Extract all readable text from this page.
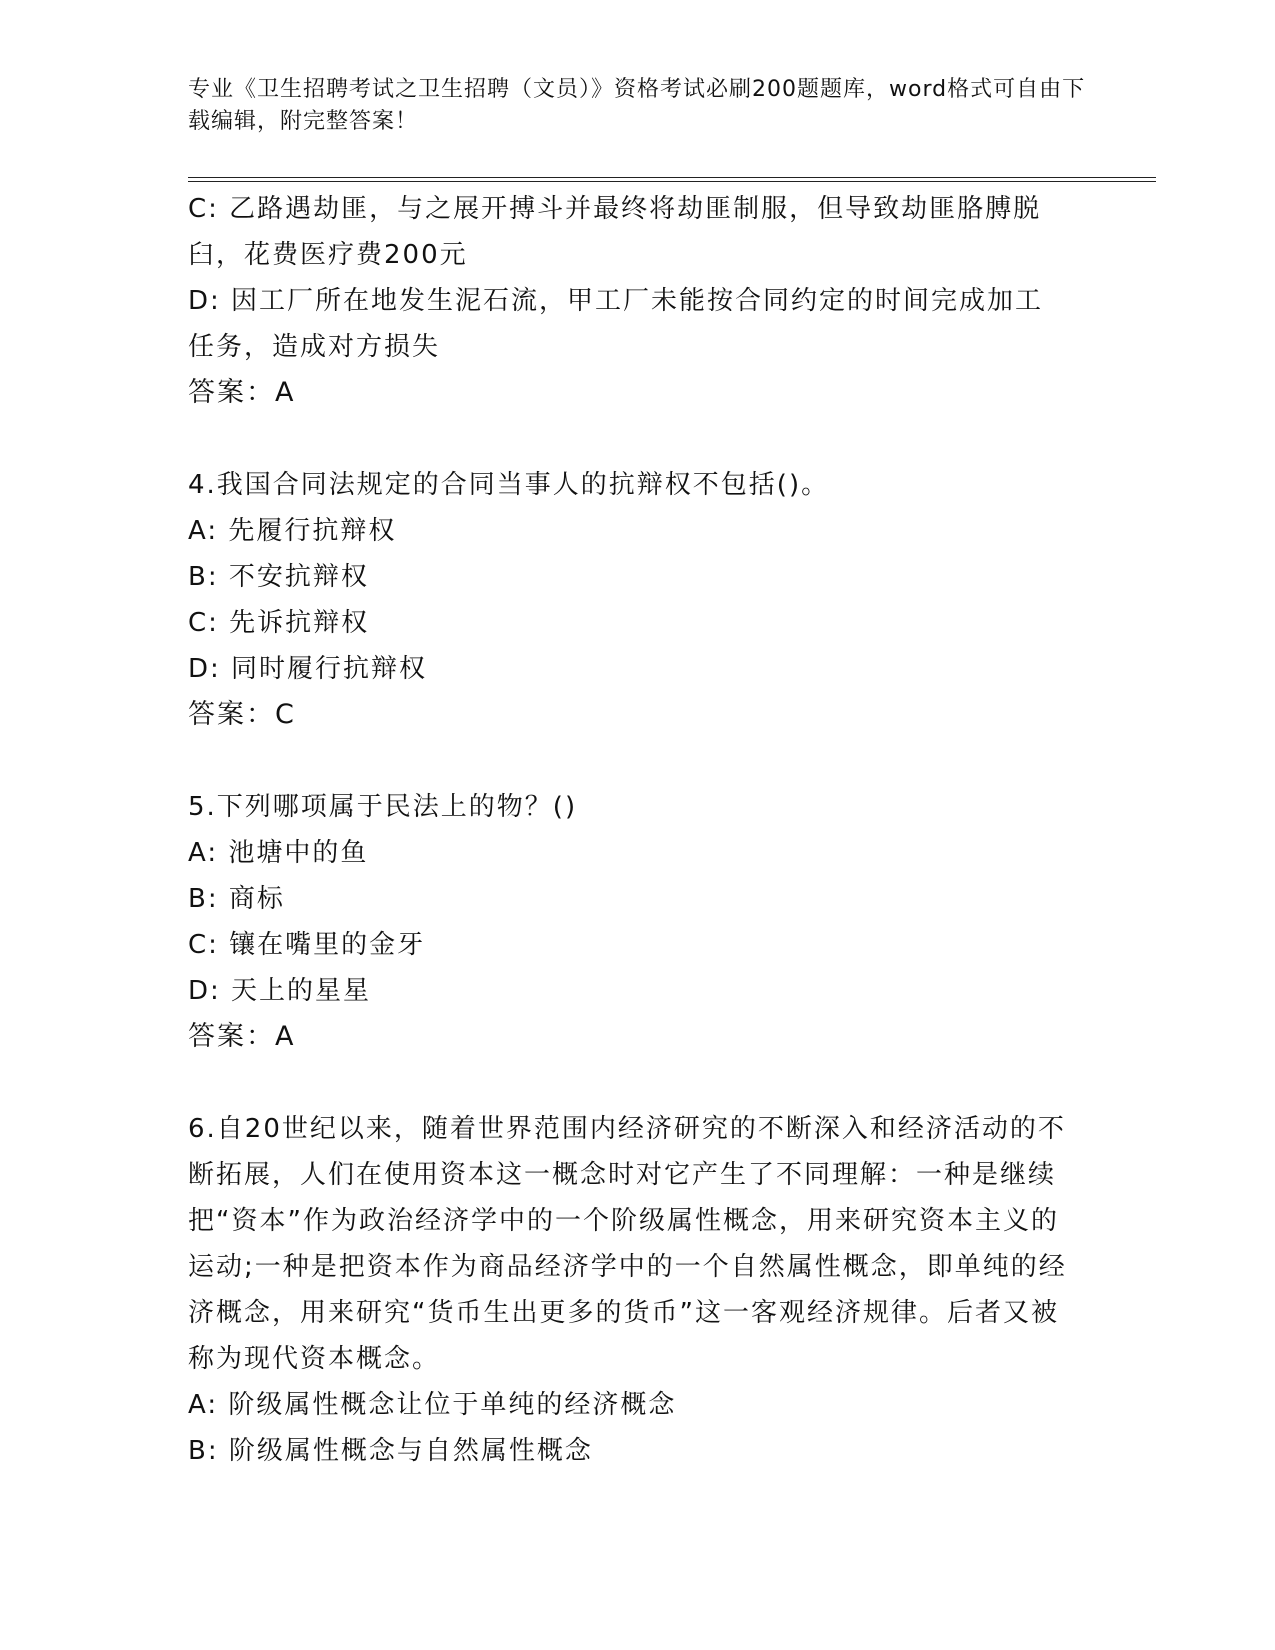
专业《卫生招聘考试之卫生招聘（文员）》资格考试必刷200题题库，word格式可自由下载编辑，附完整答案！

C: 乙路遇劫匪，与之展开搏斗并最终将劫匪制服，但导致劫匪胳膊脱臼，花费医疗费200元

D: 因工厂所在地发生泥石流，甲工厂未能按合同约定的时间完成加工任务，造成对方损失

答案：A

4.我国合同法规定的合同当事人的抗辩权不包括()。

A: 先履行抗辩权

B: 不安抗辩权

C: 先诉抗辩权

D: 同时履行抗辩权

答案：C

5.下列哪项属于民法上的物？()

A: 池塘中的鱼

B: 商标

C: 镶在嘴里的金牙

D: 天上的星星

答案：A

6.自20世纪以来，随着世界范围内经济研究的不断深入和经济活动的不断拓展，人们在使用资本这一概念时对它产生了不同理解：一种是继续把“资本”作为政治经济学中的一个阶级属性概念，用来研究资本主义的运动;一种是把资本作为商品经济学中的一个自然属性概念，即单纯的经济概念，用来研究“货币生出更多的货币”这一客观经济规律。后者又被称为现代资本概念。

A: 阶级属性概念让位于单纯的经济概念

B: 阶级属性概念与自然属性概念
